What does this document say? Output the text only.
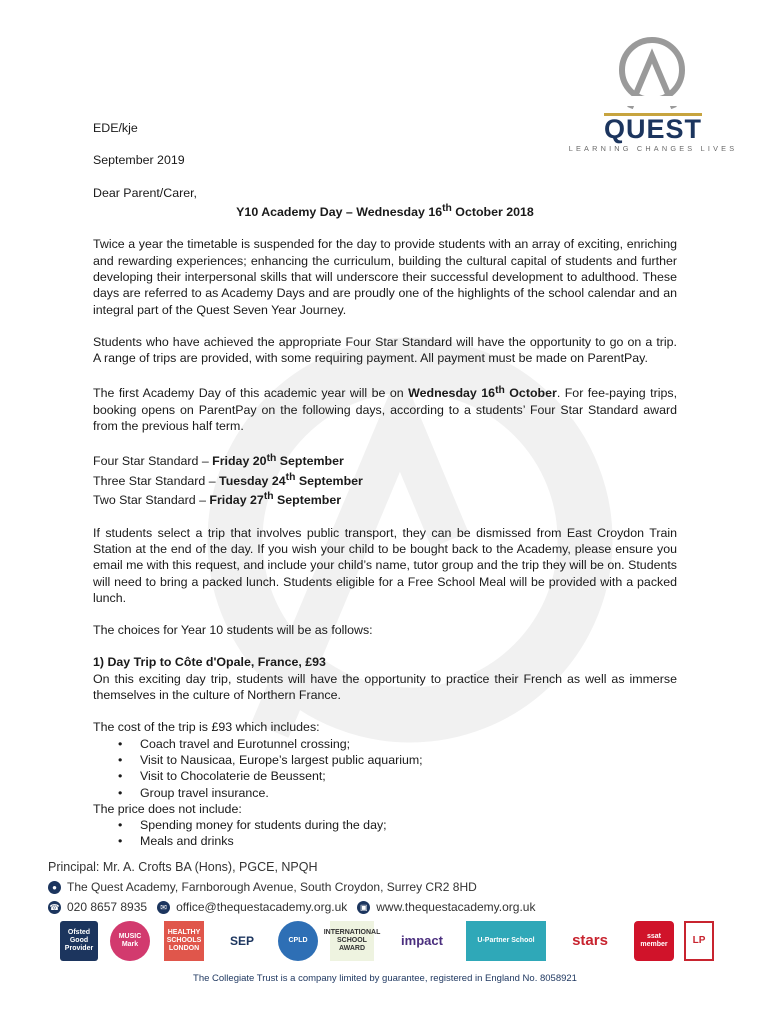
QUEST
LEARNING CHANGES LIVES

EDE/kje

September 2019

Dear Parent/Carer,

Y10 Academy Day – Wednesday 16th October 2018

Twice a year the timetable is suspended for the day to provide students with an array of exciting, enriching and rewarding experiences; enhancing the curriculum, building the cultural capital of students and further developing their interpersonal skills that will underscore their successful development to adulthood. These days are referred to as Academy Days and are proudly one of the highlights of the school calendar and an integral part of the Quest Seven Year Journey.

Students who have achieved the appropriate Four Star Standard will have the opportunity to go on a trip. A range of trips are provided, with some requiring payment. All payment must be made on ParentPay.

The first Academy Day of this academic year will be on Wednesday 16th October. For fee-paying trips, booking opens on ParentPay on the following days, according to a students’ Four Star Standard award from the previous half term.

Four Star Standard – Friday 20th September

Three Star Standard – Tuesday 24th September

Two Star Standard – Friday 27th September

If students select a trip that involves public transport, they can be dismissed from East Croydon Train Station at the end of the day. If you wish your child to be bought back to the Academy, please ensure you email me with this request, and include your child’s name, tutor group and the trip they will be on. Students will need to bring a packed lunch. Students eligible for a Free School Meal will be provided with a packed lunch.

The choices for Year 10 students will be as follows:

1) Day Trip to Côte d'Opale, France, £93

On this exciting day trip, students will have the opportunity to practice their French as well as immerse themselves in the culture of Northern France.

The cost of the trip is £93 which includes:

• Coach travel and Eurotunnel crossing;
• Visit to Nausicaa, Europe’s largest public aquarium;
• Visit to Chocolaterie de Beussent;
• Group travel insurance.

The price does not include:

• Spending money for students during the day;
• Meals and drinks
Principal: Mr. A. Crofts BA (Hons), PGCE, NPQH
● The Quest Academy, Farnborough Avenue, South Croydon, Surrey CR2 8HD
☎ 020 8657 8935	✉ office@thequestacademy.org.uk	▣ www.thequestacademy.org.uk
Ofsted Good Provider
MUSIC Mark
HEALTHY SCHOOLS LONDON
SEP	CPLD
INTERNATIONAL SCHOOL AWARD
impact	U-Partner School	stars	ssat member	LP
The Collegiate Trust is a company limited by guarantee, registered in England No. 8058921
